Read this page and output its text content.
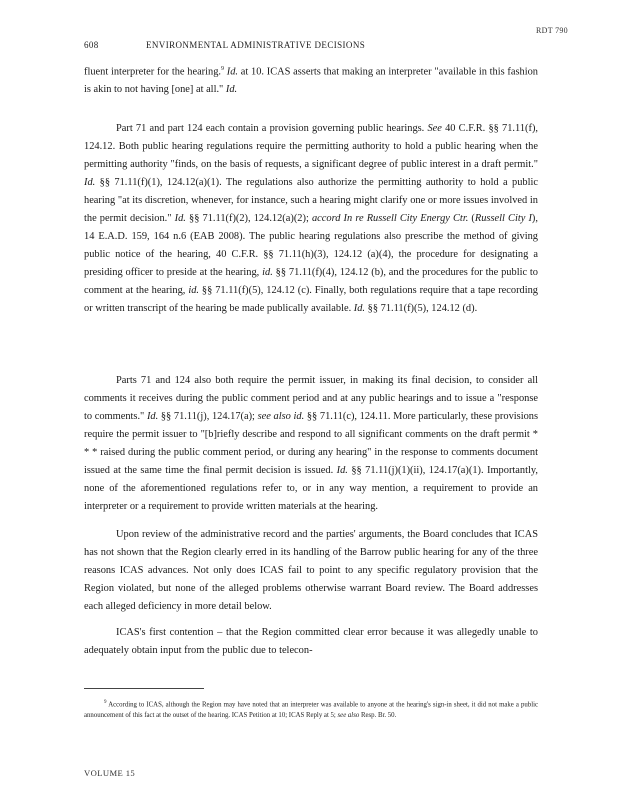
RDT 790
608	ENVIRONMENTAL ADMINISTRATIVE DECISIONS

fluent interpreter for the hearing.$^9$ Id. at 10. ICAS asserts that making an interpreter "available in this fashion is akin to not having [one] at all." Id.

Part 71 and part 124 each contain a provision governing public hearings. See 40 C.F.R. §§ 71.11(f), 124.12. Both public hearing regulations require the permitting authority to hold a public hearing when the permitting authority "finds, on the basis of requests, a significant degree of public interest in a draft permit." Id. §§ 71.11(f)(1), 124.12(a)(1). The regulations also authorize the permitting authority to hold a public hearing "at its discretion, whenever, for instance, such a hearing might clarify one or more issues involved in the permit decision." Id. §§ 71.11(f)(2), 124.12(a)(2); accord In re Russell City Energy Ctr. (Russell City I), 14 E.A.D. 159, 164 n.6 (EAB 2008). The public hearing regulations also prescribe the method of giving public notice of the hearing, 40 C.F.R. §§ 71.11(h)(3), 124.12 (a)(4), the procedure for designating a presiding officer to preside at the hearing, id. §§ 71.11(f)(4), 124.12 (b), and the procedures for the public to comment at the hearing, id. §§ 71.11(f)(5), 124.12 (c). Finally, both regulations require that a tape recording or written transcript of the hearing be made publically available. Id. §§ 71.11(f)(5), 124.12 (d).

Parts 71 and 124 also both require the permit issuer, in making its final decision, to consider all comments it receives during the public comment period and at any public hearings and to issue a "response to comments." Id. §§ 71.11(j), 124.17(a); see also id. §§ 71.11(c), 124.11. More particularly, these provisions require the permit issuer to "[b]riefly describe and respond to all significant comments on the draft permit * * * raised during the public comment period, or during any hearing" in the response to comments document issued at the same time the final permit decision is issued. Id. §§ 71.11(j)(1)(ii), 124.17(a)(1). Importantly, none of the aforementioned regulations refer to, or in any way mention, a requirement to provide an interpreter or a requirement to provide written materials at the hearing.

Upon review of the administrative record and the parties' arguments, the Board concludes that ICAS has not shown that the Region clearly erred in its handling of the Barrow public hearing for any of the three reasons ICAS advances. Not only does ICAS fail to point to any specific regulatory provision that the Region violated, but none of the alleged problems otherwise warrant Board review. The Board addresses each alleged deficiency in more detail below.

ICAS's first contention – that the Region committed clear error because it was allegedly unable to adequately obtain input from the public due to telecon-

$^9$ According to ICAS, although the Region may have noted that an interpreter was available to anyone at the hearing's sign-in sheet, it did not make a public announcement of this fact at the outset of the hearing. ICAS Petition at 10; ICAS Reply at 5; see also Resp. Br. 50.
VOLUME 15
